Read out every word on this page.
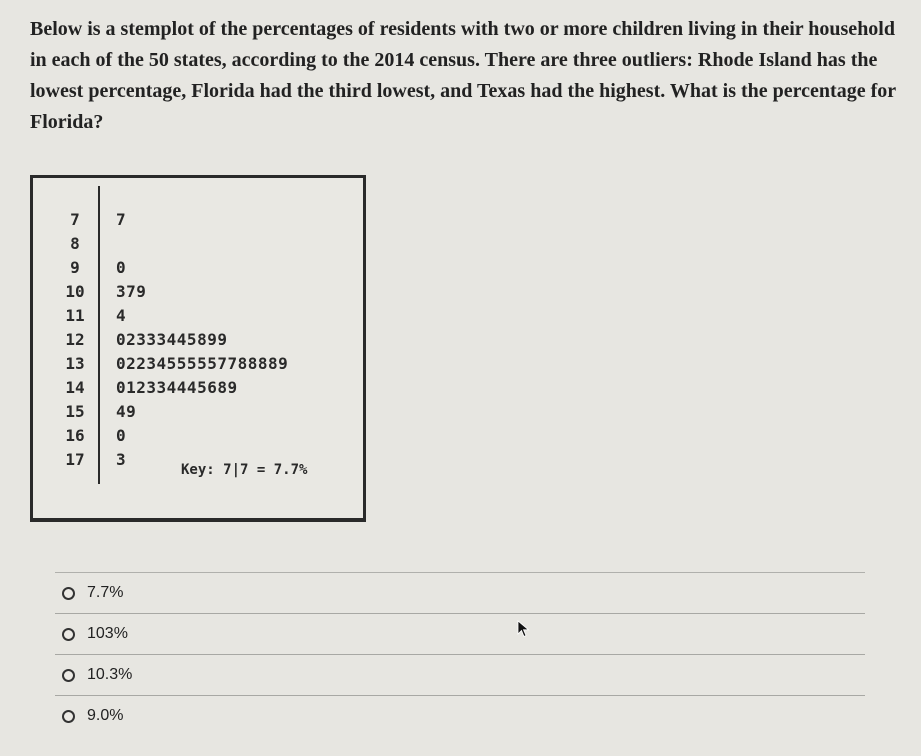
Below is a stemplot of the percentages of residents with two or more children living in their household in each of the 50 states, according to the 2014 census. There are three outliers: Rhode Island has the lowest percentage, Florida had the third lowest, and Texas had the highest. What is the percentage for Florida?
7	7
8
9	0
10	379
11	4
12	02333445899
13	02234555557788889
14	012334445689
15	49
16	0
17	3
Key: 7|7 = 7.7%
7.7%
103%
10.3%
9.0%
